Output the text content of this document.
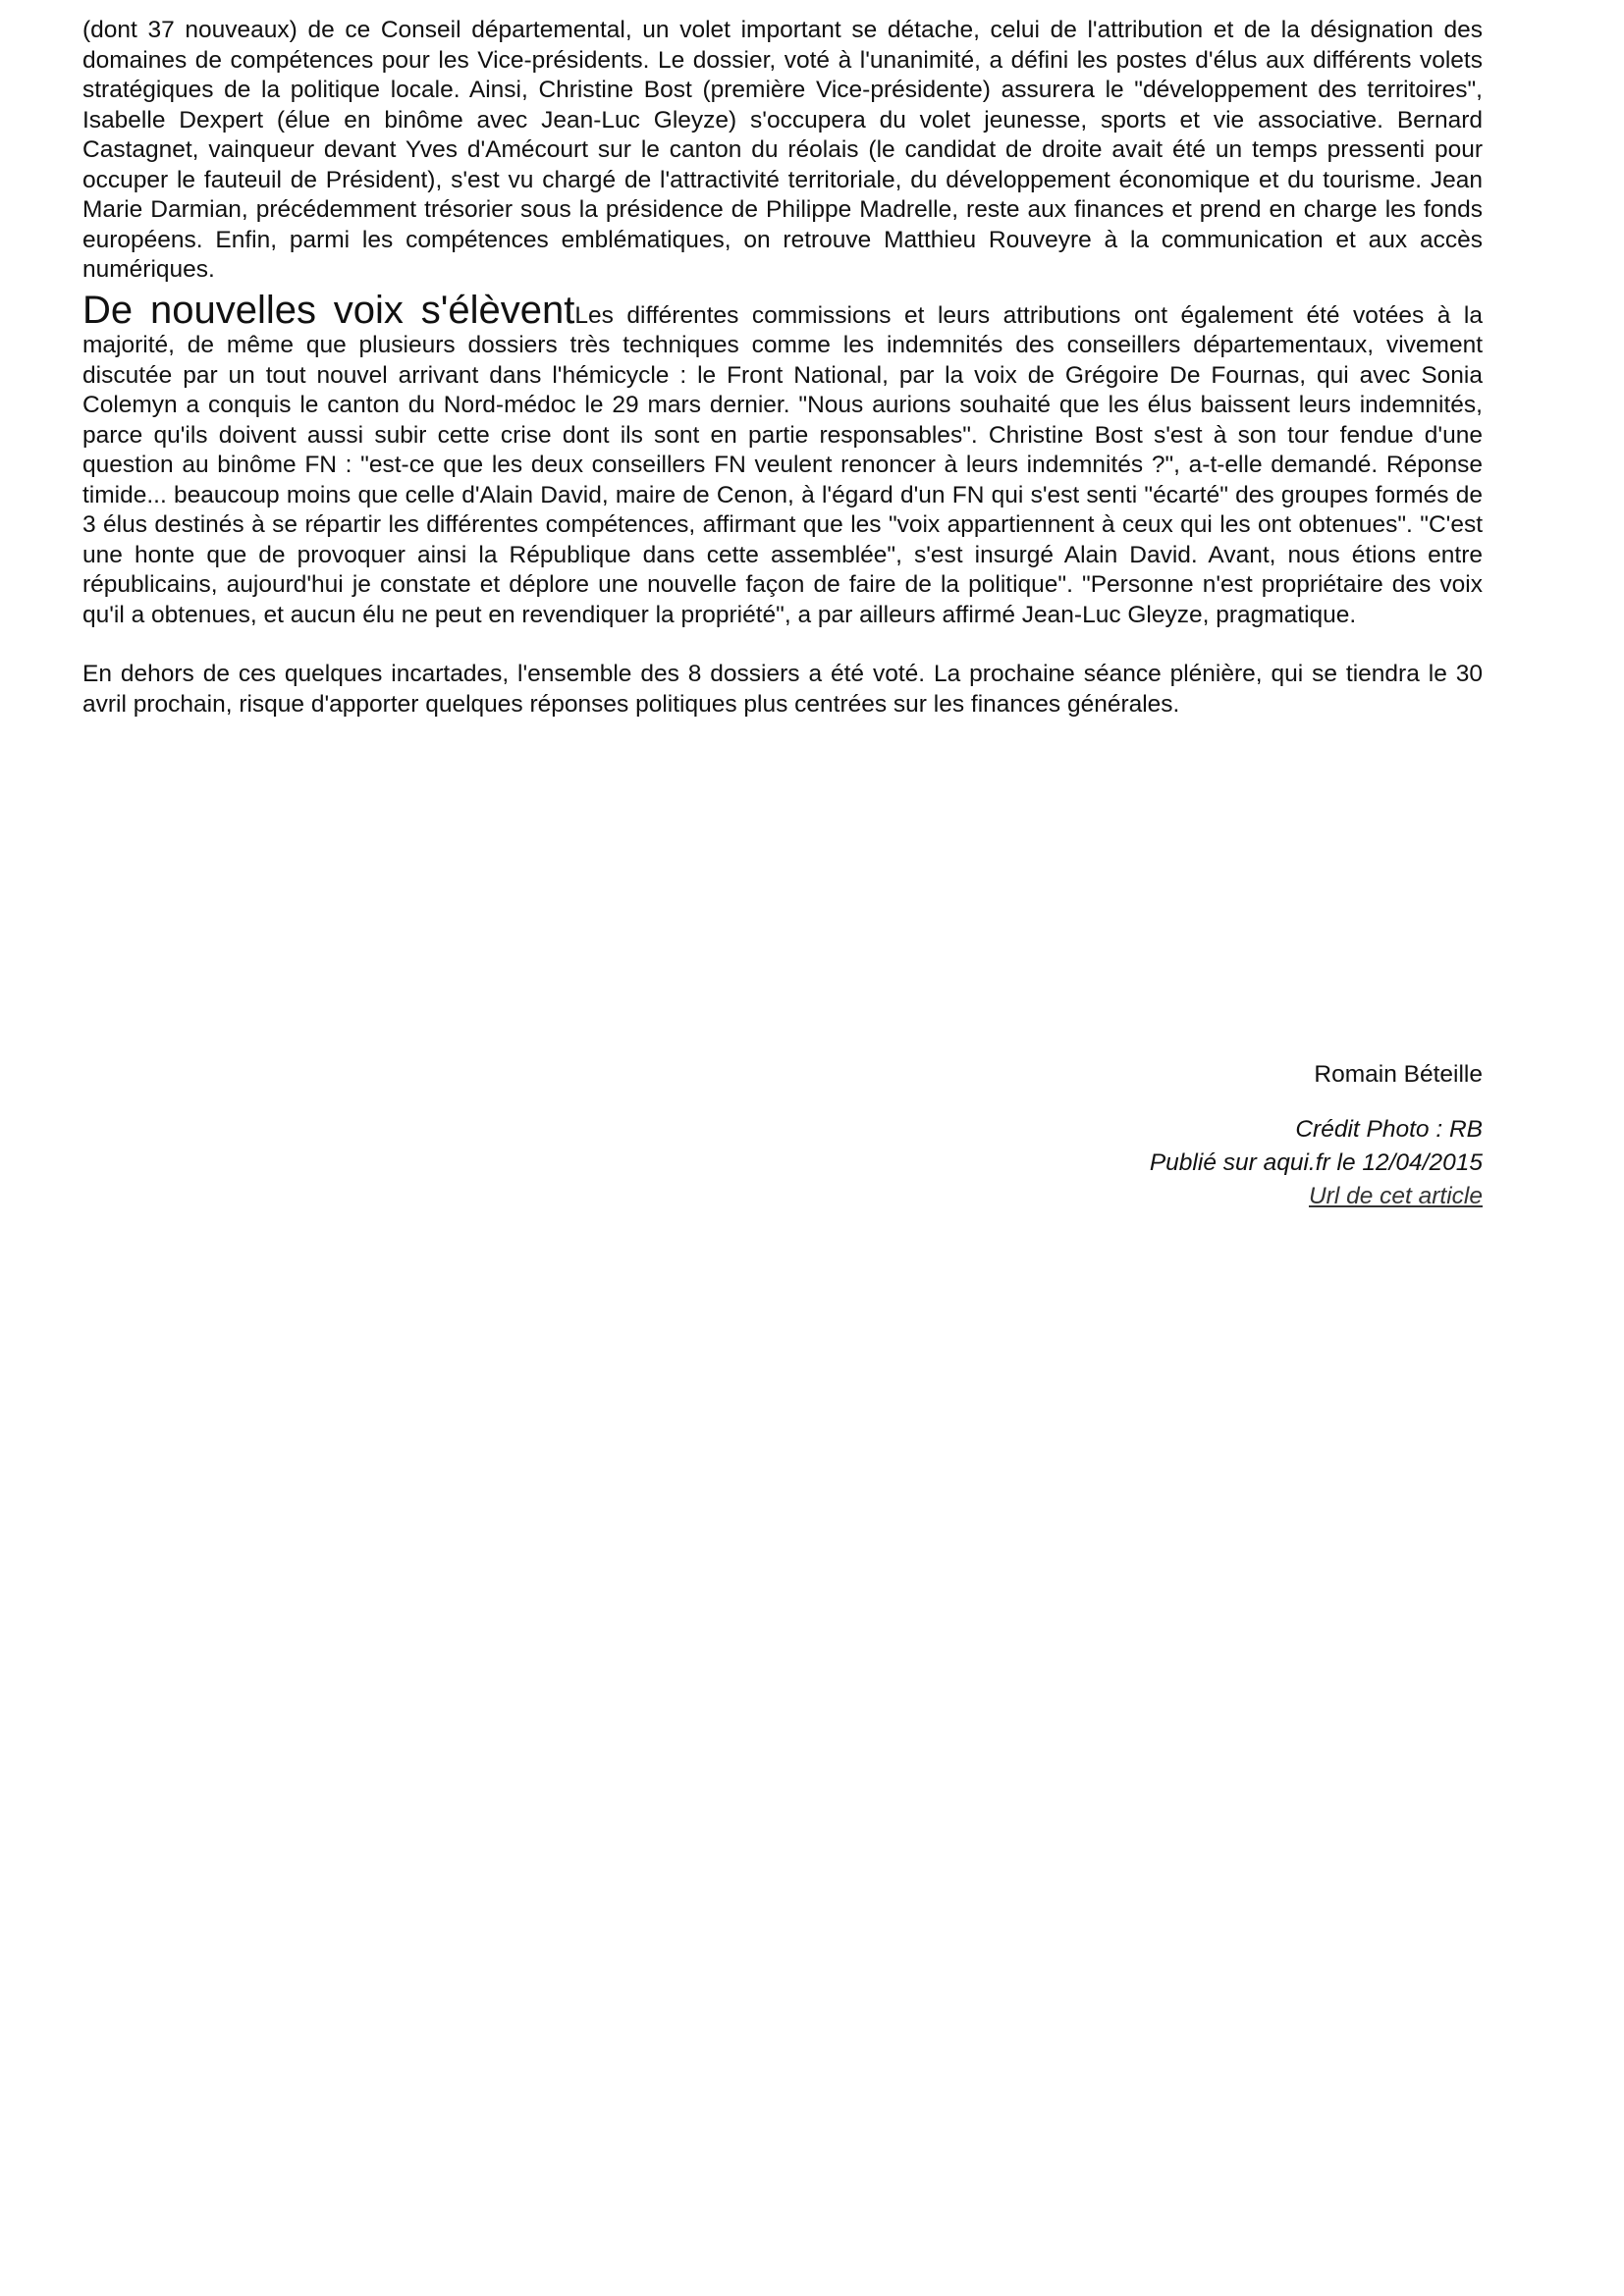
(dont 37 nouveaux) de ce Conseil départemental, un volet important se détache, celui de l'attribution et de la désignation des domaines de compétences pour les Vice-présidents. Le dossier, voté à l'unanimité, a défini les postes d'élus aux différents volets stratégiques de la politique locale. Ainsi, Christine Bost (première Vice-présidente) assurera le "développement des territoires", Isabelle Dexpert (élue en binôme avec Jean-Luc Gleyze) s'occupera du volet jeunesse, sports et vie associative. Bernard Castagnet, vainqueur devant Yves d'Amécourt sur le canton du réolais (le candidat de droite avait été un temps pressenti pour occuper le fauteuil de Président), s'est vu chargé de l'attractivité territoriale, du développement économique et du tourisme. Jean Marie Darmian, précédemment trésorier sous la présidence de Philippe Madrelle, reste aux finances et prend en charge les fonds européens. Enfin, parmi les compétences emblématiques, on retrouve Matthieu Rouveyre à la communication et aux accès numériques.

De nouvelles voix s'élèventLes différentes commissions et leurs attributions ont également été votées à la majorité, de même que plusieurs dossiers très techniques comme les indemnités des conseillers départementaux, vivement discutée par un tout nouvel arrivant dans l'hémicycle : le Front National, par la voix de Grégoire De Fournas, qui avec Sonia Colemyn a conquis le canton du Nord-médoc le 29 mars dernier. "Nous aurions souhaité que les élus baissent leurs indemnités, parce qu'ils doivent aussi subir cette crise dont ils sont en partie responsables". Christine Bost s'est à son tour fendue d'une question au binôme FN : "est-ce que les deux conseillers FN veulent renoncer à leurs indemnités ?", a-t-elle demandé. Réponse timide... beaucoup moins que celle d'Alain David, maire de Cenon, à l'égard d'un FN qui s'est senti "écarté" des groupes formés de 3 élus destinés à se répartir les différentes compétences, affirmant que les "voix appartiennent à ceux qui les ont obtenues". "C'est une honte que de provoquer ainsi la République dans cette assemblée", s'est insurgé Alain David. Avant, nous étions entre républicains, aujourd'hui je constate et déplore une nouvelle façon de faire de la politique". "Personne n'est propriétaire des voix qu'il a obtenues, et aucun élu ne peut en revendiquer la propriété", a par ailleurs affirmé Jean-Luc Gleyze, pragmatique.

En dehors de ces quelques incartades, l'ensemble des 8 dossiers a été voté. La prochaine séance plénière, qui se tiendra le 30 avril prochain, risque d'apporter quelques réponses politiques plus centrées sur les finances générales.

Romain Béteille
Crédit Photo : RB
Publié sur aqui.fr le 12/04/2015
Url de cet article
